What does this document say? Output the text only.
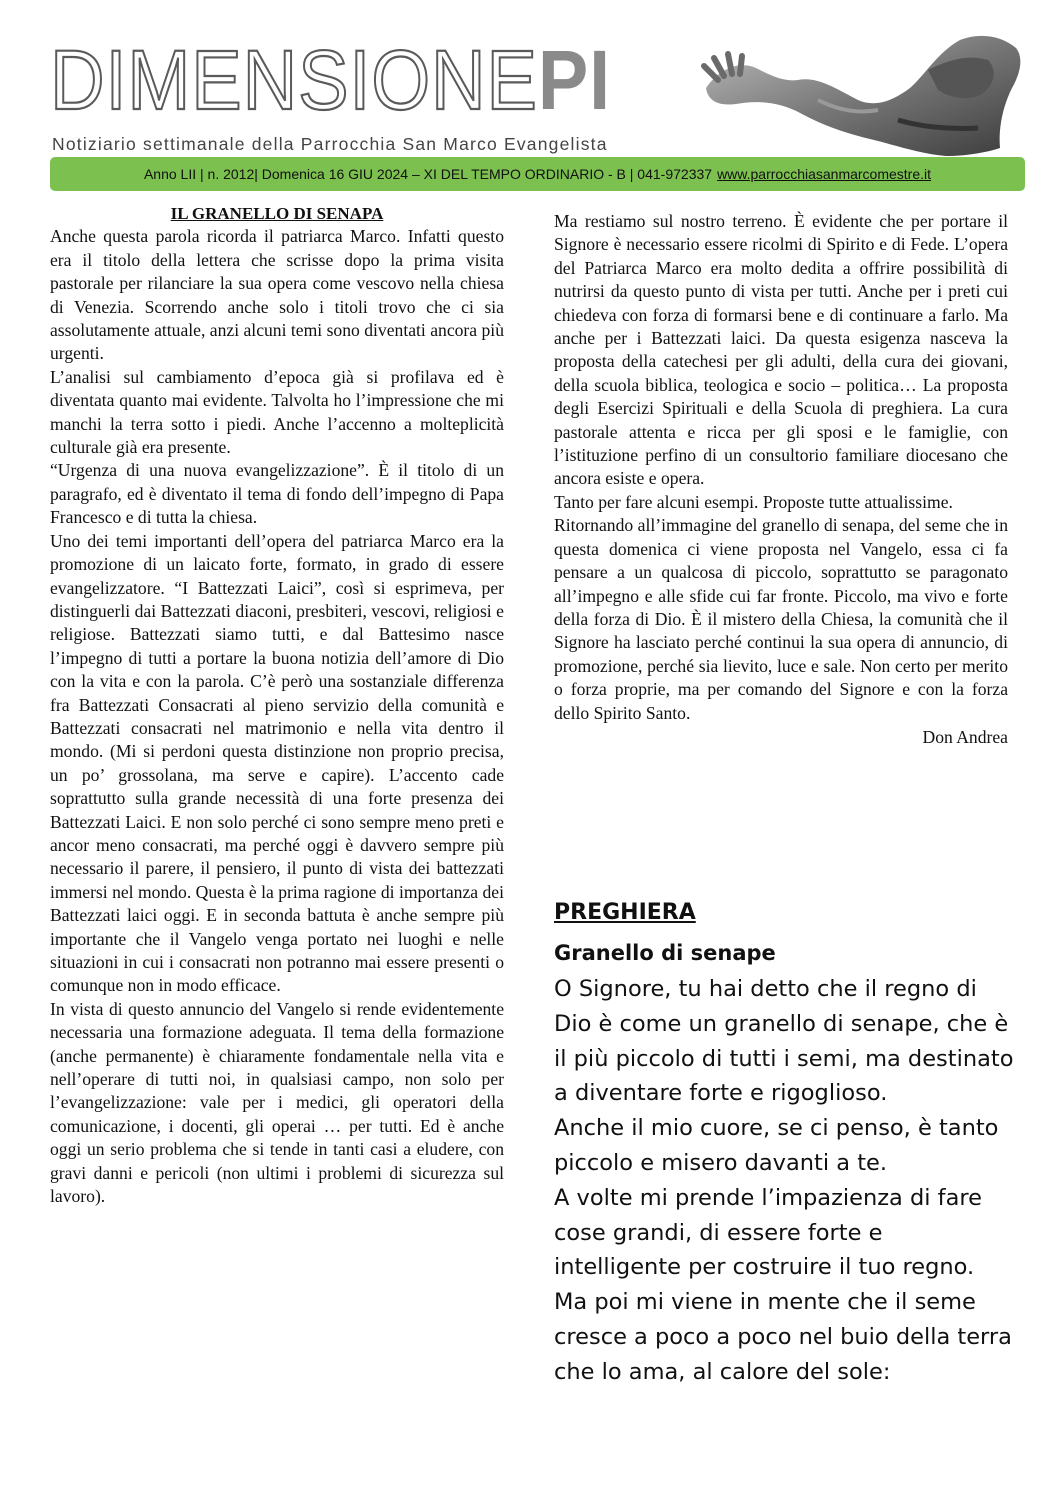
DIMENSIONEPI
Notiziario settimanale della Parrocchia San Marco Evangelista
Anno LII | n. 2012| Domenica 16 GIU 2024 – XI DEL TEMPO ORDINARIO - B | 041-972337 www.parrocchiasanmarcomestre.it

IL GRANELLO DI SENAPA

Anche questa parola ricorda il patriarca Marco. Infatti questo era il titolo della lettera che scrisse dopo la prima visita pastorale per rilanciare la sua opera come vescovo nella chiesa di Venezia. Scorrendo anche solo i titoli trovo che ci sia assolutamente attuale, anzi alcuni temi sono diventati ancora più urgenti.

L’analisi sul cambiamento d’epoca già si profilava ed è diventata quanto mai evidente. Talvolta ho l’impressione che mi manchi la terra sotto i piedi. Anche l’accenno a molteplicità culturale già era presente.

“Urgenza di una nuova evangelizzazione”. È il titolo di un paragrafo, ed è diventato il tema di fondo dell’impegno di Papa Francesco e di tutta la chiesa.

Uno dei temi importanti dell’opera del patriarca Marco era la promozione di un laicato forte, formato, in grado di essere evangelizzatore. “I Battezzati Laici”, così si esprimeva, per distinguerli dai Battezzati diaconi, presbiteri, vescovi, religiosi e religiose. Battezzati siamo tutti, e dal Battesimo nasce l’impegno di tutti a portare la buona notizia dell’amore di Dio con la vita e con la parola. C’è però una sostanziale differenza fra Battezzati Consacrati al pieno servizio della comunità e Battezzati consacrati nel matrimonio e nella vita dentro il mondo. (Mi si perdoni questa distinzione non proprio precisa, un po’ grossolana, ma serve e capire). L’accento cade soprattutto sulla grande necessità di una forte presenza dei Battezzati Laici. E non solo perché ci sono sempre meno preti e ancor meno consacrati, ma perché oggi è davvero sempre più necessario il parere, il pensiero, il punto di vista dei battezzati immersi nel mondo. Questa è la prima ragione di importanza dei Battezzati laici oggi. E in seconda battuta è anche sempre più importante che il Vangelo venga portato nei luoghi e nelle situazioni in cui i consacrati non potranno mai essere presenti o comunque non in modo efficace.

In vista di questo annuncio del Vangelo si rende evidentemente necessaria una formazione adeguata. Il tema della formazione (anche permanente) è chiaramente fondamentale nella vita e nell’operare di tutti noi, in qualsiasi campo, non solo per l’evangelizzazione: vale per i medici, gli operatori della comunicazione, i docenti, gli operai … per tutti. Ed è anche oggi un serio problema che si tende in tanti casi a eludere, con gravi danni e pericoli (non ultimi i problemi di sicurezza sul lavoro).

Ma restiamo sul nostro terreno. È evidente che per portare il Signore è necessario essere ricolmi di Spirito e di Fede. L’opera del Patriarca Marco era molto dedita a offrire possibilità di nutrirsi da questo punto di vista per tutti. Anche per i preti cui chiedeva con forza di formarsi bene e di continuare a farlo. Ma anche per i Battezzati laici. Da questa esigenza nasceva la proposta della catechesi per gli adulti, della cura dei giovani, della scuola biblica, teologica e socio – politica… La proposta degli Esercizi Spirituali e della Scuola di preghiera. La cura pastorale attenta e ricca per gli sposi e le famiglie, con l’istituzione perfino di un consultorio familiare diocesano che ancora esiste e opera.

Tanto per fare alcuni esempi. Proposte tutte attualissime.

Ritornando all’immagine del granello di senapa, del seme che in questa domenica ci viene proposta nel Vangelo, essa ci fa pensare a un qualcosa di piccolo, soprattutto se paragonato all’impegno e alle sfide cui far fronte. Piccolo, ma vivo e forte della forza di Dio. È il mistero della Chiesa, la comunità che il Signore ha lasciato perché continui la sua opera di annuncio, di promozione, perché sia lievito, luce e sale. Non certo per merito o forza proprie, ma per comando del Signore e con la forza dello Spirito Santo.

Don Andrea

PREGHIERA

Granello di senape

O Signore, tu hai detto che il regno di Dio è come un granello di senape, che è il più piccolo di tutti i semi, ma destinato a diventare forte e rigoglioso.

Anche il mio cuore, se ci penso, è tanto piccolo e misero davanti a te.

A volte mi prende l’impazienza di fare cose grandi, di essere forte e intelligente per costruire il tuo regno.

Ma poi mi viene in mente che il seme cresce a poco a poco nel buio della terra che lo ama, al calore del sole:
